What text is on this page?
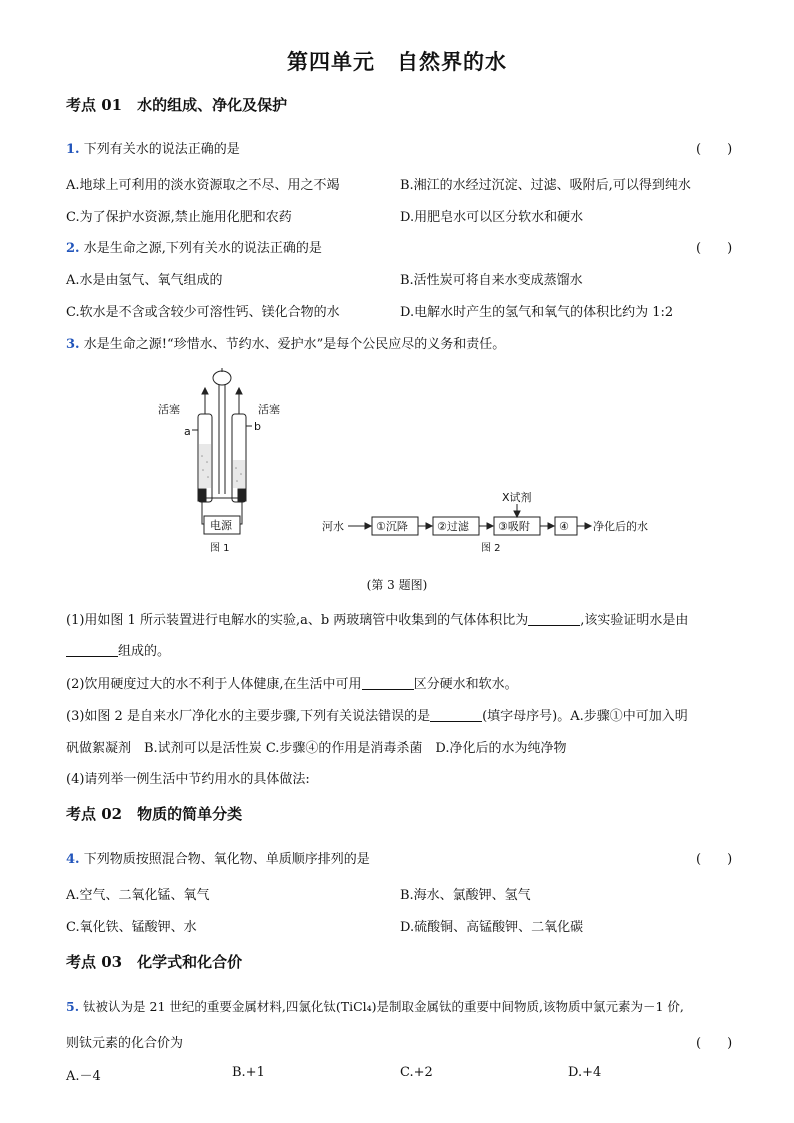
第四单元　自然界的水
考点 01　水的组成、净化及保护
1. 下列有关水的说法正确的是	(　　)
A.地球上可利用的淡水资源取之不尽、用之不竭	B.湘江的水经过沉淀、过滤、吸附后,可以得到纯水
C.为了保护水资源,禁止施用化肥和农药	D.用肥皂水可以区分软水和硬水
2. 水是生命之源,下列有关水的说法正确的是	(　　)
A.水是由氢气、氧气组成的	B.活性炭可将自来水变成蒸馏水
C.软水是不含或含较少可溶性钙、镁化合物的水	D.电解水时产生的氢气和氧气的体积比约为 1:2
3. 水是生命之源!“珍惜水、节约水、爱护水”是每个公民应尽的义务和责任。
活塞	活塞
a	b
电源
图 1
X试剂
河水	①沉降	②过滤	③吸附	④ 净化后的水
图 2
(第 3 题图)
(1)用如图 1 所示装置进行电解水的实验,a、b 两玻璃管中收集到的气体体积比为	,该实验证明水是由
组成的。
(2)饮用硬度过大的水不利于人体健康,在生活中可用	区分硬水和软水。
(3)如图 2 是自来水厂净化水的主要步骤,下列有关说法错误的是	(填字母序号)。A.步骤①中可加入明
矾做絮凝剂　B.试剂可以是活性炭 C.步骤④的作用是消毒杀菌　D.净化后的水为纯净物
(4)请列举一例生活中节约用水的具体做法:
考点 02　物质的简单分类
4. 下列物质按照混合物、氧化物、单质顺序排列的是	(　　)
A.空气、二氧化锰、氧气	B.海水、氯酸钾、氢气
C.氧化铁、锰酸钾、水	D.硫酸铜、高锰酸钾、二氧化碳
考点 03　化学式和化合价
5. 钛被认为是 21 世纪的重要金属材料,四氯化钛(TiCl₄)是制取金属钛的重要中间物质,该物质中氯元素为－1 价,
则钛元素的化合价为	(　　)
A.－4	B.+1	C.+2	D.+4
